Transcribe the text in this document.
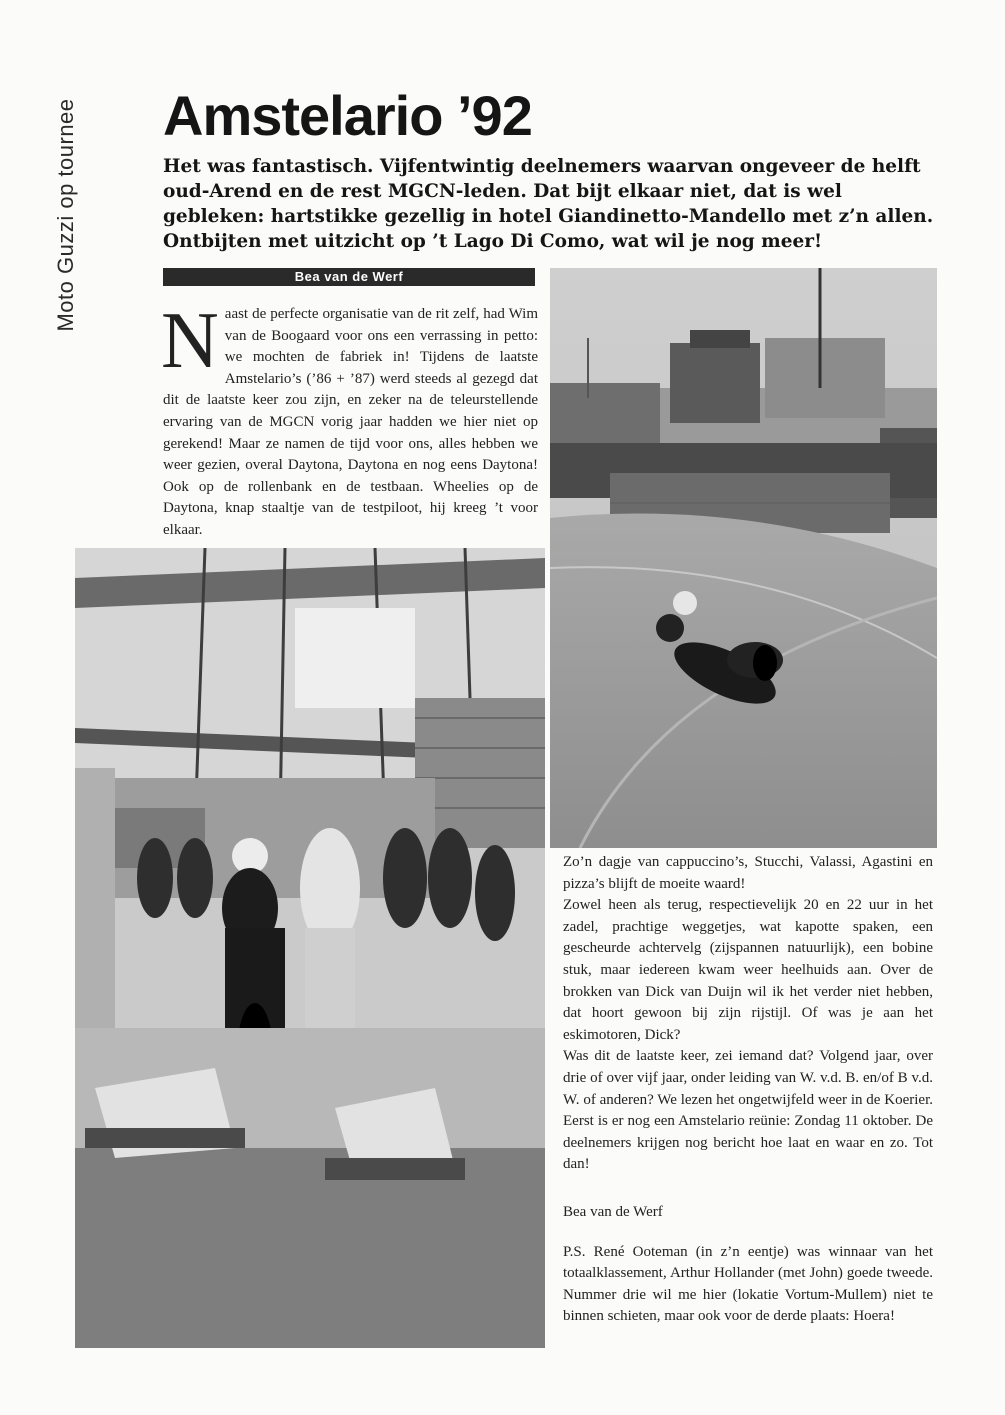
Moto Guzzi op tournee Amstelario ’92

Het was fantastisch. Vijfentwintig deelnemers waarvan ongeveer de helft oud-Arend en de rest MGCN-leden. Dat bijt elkaar niet, dat is wel gebleken: hartstikke gezellig in hotel Giandinetto-Mandello met z’n allen. Ontbijten met uitzicht op ’t Lago Di Como, wat wil je nog meer!

Bea van de Werf

Naast de perfecte organisatie van de rit zelf, had Wim van de Boogaard voor ons een verrassing in petto: we mochten de fabriek in! Tijdens de laatste Amstelario’s (’86 + ’87) werd steeds al gezegd dat dit de laatste keer zou zijn, en zeker na de teleurstellende ervaring van de MGCN vorig jaar hadden we hier niet op gerekend! Maar ze namen de tijd voor ons, alles hebben we weer gezien, overal Daytona, Daytona en nog eens Daytona! Ook op de rollenbank en de testbaan. Wheelies op de Daytona, knap staaltje van de testpiloot, hij kreeg ’t voor elkaar.

Zo’n dagje van cappuccino’s, Stucchi, Valassi, Agastini en pizza’s blijft de moeite waard!

Zowel heen als terug, respectievelijk 20 en 22 uur in het zadel, prachtige weggetjes, wat kapotte spaken, een gescheurde achtervelg (zijspannen natuurlijk), een bobine stuk, maar iedereen kwam weer heelhuids aan. Over de brokken van Dick van Duijn wil ik het verder niet hebben, dat hoort gewoon bij zijn rijstijl. Of was je aan het eskimotoren, Dick?

Was dit de laatste keer, zei iemand dat? Volgend jaar, over drie of over vijf jaar, onder leiding van W. v.d. B. en/of B v.d. W. of anderen? We lezen het ongetwijfeld weer in de Koerier. Eerst is er nog een Amstelario reünie: Zondag 11 oktober. De deelnemers krijgen nog bericht hoe laat en waar en zo. Tot dan!

Bea van de Werf

P.S. René Ooteman (in z’n eentje) was winnaar van het totaalklassement, Arthur Hollander (met John) goede tweede. Nummer drie wil me hier (lokatie Vortum-Mullem) niet te binnen schieten, maar ook voor de derde plaats: Hoera!
